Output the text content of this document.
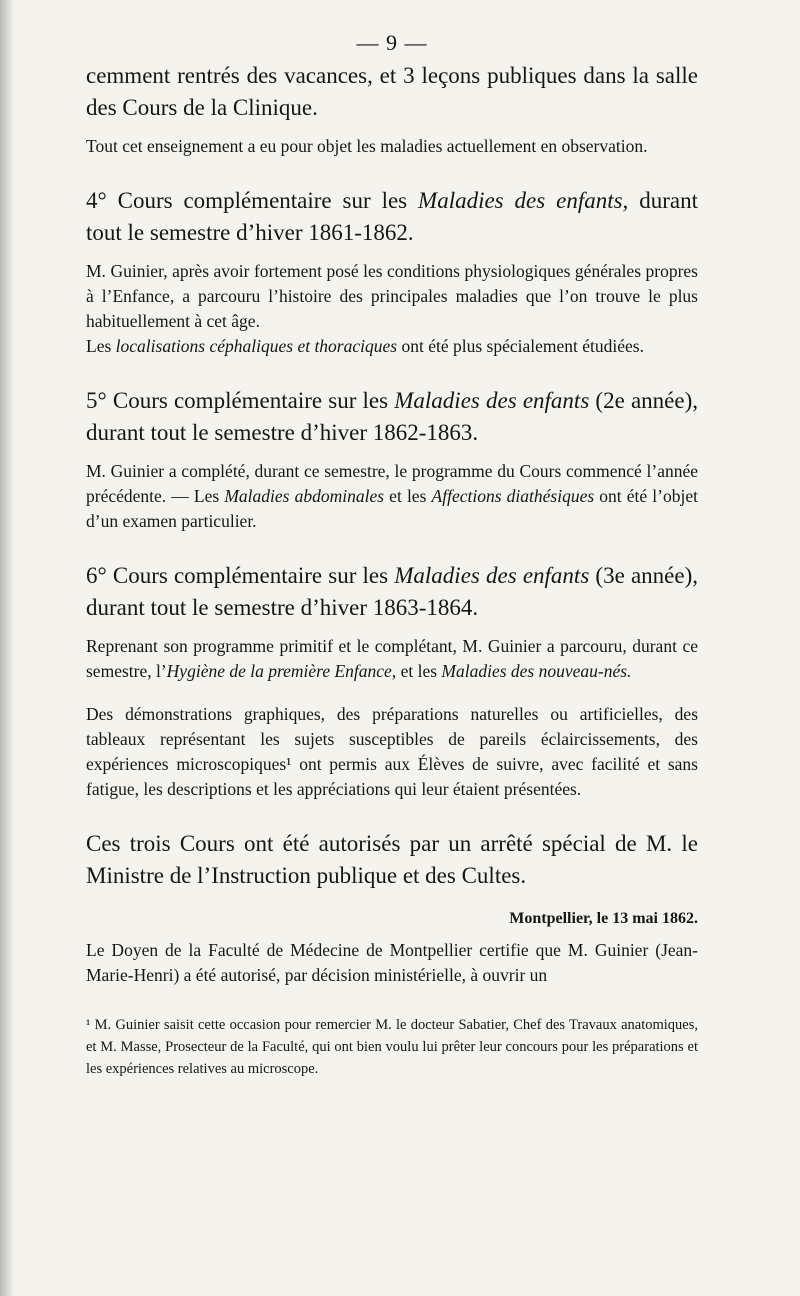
— 9 —

cemment rentrés des vacances, et 3 leçons publiques dans la salle des Cours de la Clinique.

Tout cet enseignement a eu pour objet les maladies actuellement en observation.

4° Cours complémentaire sur les Maladies des enfants, durant tout le semestre d’hiver 1861-1862.

M. Guinier, après avoir fortement posé les conditions physiologiques générales propres à l’Enfance, a parcouru l’histoire des principales maladies que l’on trouve le plus habituellement à cet âge.

Les localisations céphaliques et thoraciques ont été plus spécialement étudiées.

5° Cours complémentaire sur les Maladies des enfants (2e année), durant tout le semestre d’hiver 1862-1863.

M. Guinier a complété, durant ce semestre, le programme du Cours commencé l’année précédente. — Les Maladies abdominales et les Affections diathésiques ont été l’objet d’un examen particulier.

6° Cours complémentaire sur les Maladies des enfants (3e année), durant tout le semestre d’hiver 1863-1864.

Reprenant son programme primitif et le complétant, M. Guinier a parcouru, durant ce semestre, l’Hygiène de la première Enfance, et les Maladies des nouveau-nés.

Des démonstrations graphiques, des préparations naturelles ou artificielles, des tableaux représentant les sujets susceptibles de pareils éclaircissements, des expériences microscopiques¹ ont permis aux Élèves de suivre, avec facilité et sans fatigue, les descriptions et les appréciations qui leur étaient présentées.

Ces trois Cours ont été autorisés par un arrêté spécial de M. le Ministre de l’Instruction publique et des Cultes.

Montpellier, le 13 mai 1862.

Le Doyen de la Faculté de Médecine de Montpellier certifie que M. Guinier (Jean-Marie-Henri) a été autorisé, par décision ministérielle, à ouvrir un

¹ M. Guinier saisit cette occasion pour remercier M. le docteur Sabatier, Chef des Travaux anatomiques, et M. Masse, Prosecteur de la Faculté, qui ont bien voulu lui prêter leur concours pour les préparations et les expériences relatives au microscope.
